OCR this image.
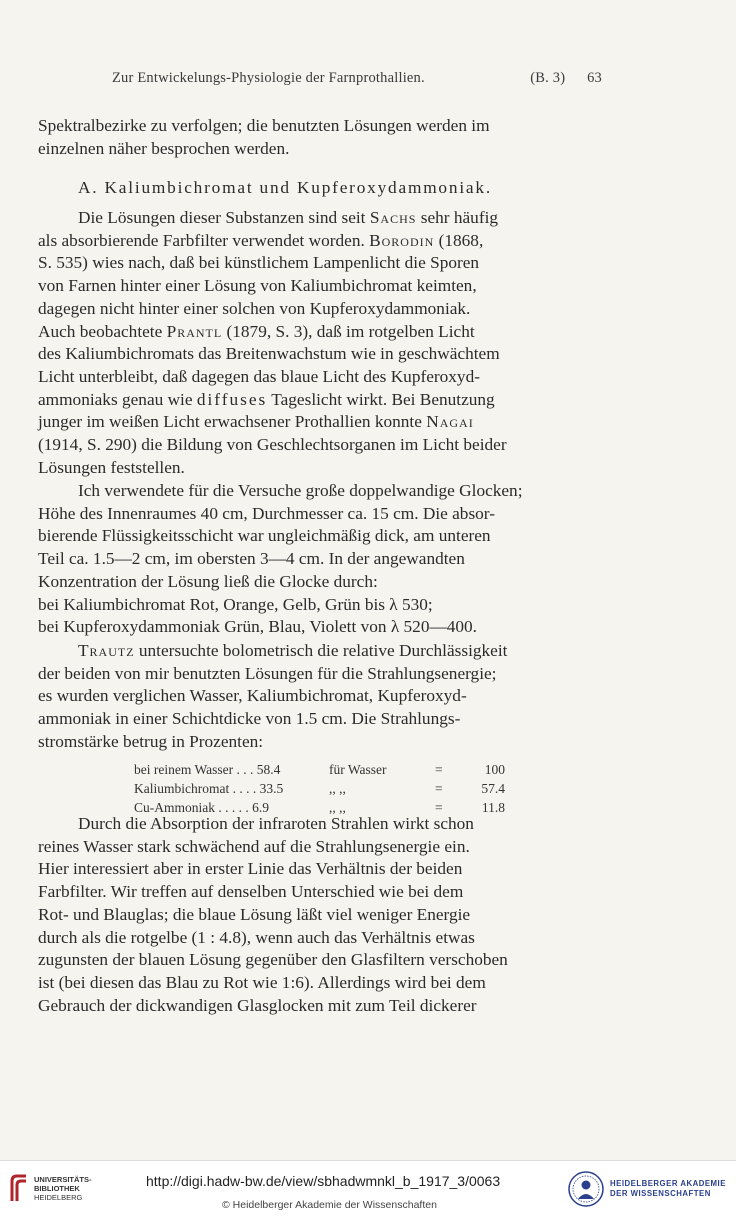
Zur Entwickelungs-Physiologie der Farnprothallien.	(B. 3) 63
Spektralbezirke zu verfolgen; die benutzten Lösungen werden im
einzelnen näher besprochen werden.
A. Kaliumbichromat und Kupferoxydammoniak.
Die Lösungen dieser Substanzen sind seit Sachs sehr häufig
als absorbierende Farbfilter verwendet worden. Borodin (1868,
S. 535) wies nach, daß bei künstlichem Lampenlicht die Sporen
von Farnen hinter einer Lösung von Kaliumbichromat keimten,
dagegen nicht hinter einer solchen von Kupferoxydammoniak.
Auch beobachtete Prantl (1879, S. 3), daß im rotgelben Licht
des Kaliumbichromats das Breitenwachstum wie in geschwächtem
Licht unterbleibt, daß dagegen das blaue Licht des Kupferoxyd-
ammoniaks genau wie diffuses Tageslicht wirkt. Bei Benutzung
junger im weißen Licht erwachsener Prothallien konnte Nagai
(1914, S. 290) die Bildung von Geschlechtsorganen im Licht beider
Lösungen feststellen.
Ich verwendete für die Versuche große doppelwandige Glocken;
Höhe des Innenraumes 40 cm, Durchmesser ca. 15 cm. Die absor-
bierende Flüssigkeitsschicht war ungleichmäßig dick, am unteren
Teil ca. 1.5—2 cm, im obersten 3—4 cm. In der angewandten
Konzentration der Lösung ließ die Glocke durch:
bei Kaliumbichromat Rot, Orange, Gelb, Grün bis λ 530;
bei Kupferoxydammoniak Grün, Blau, Violett von λ 520—400.
Trautz untersuchte bolometrisch die relative Durchlässigkeit
der beiden von mir benutzten Lösungen für die Strahlungsenergie;
es wurden verglichen Wasser, Kaliumbichromat, Kupferoxyd-
ammoniak in einer Schichtdicke von 1.5 cm. Die Strahlungs-
stromstärke betrug in Prozenten:
bei reinem Wasser . . . 58.4	für Wasser	=	100
Kaliumbichromat . . . . 33.5	,, ,,	=	57.4
Cu-Ammoniak . . . . . 6.9	,, ,,	=	11.8
Durch die Absorption der infraroten Strahlen wirkt schon
reines Wasser stark schwächend auf die Strahlungsenergie ein.
Hier interessiert aber in erster Linie das Verhältnis der beiden
Farbfilter. Wir treffen auf denselben Unterschied wie bei dem
Rot- und Blauglas; die blaue Lösung läßt viel weniger Energie
durch als die rotgelbe (1 : 4.8), wenn auch das Verhältnis etwas
zugunsten der blauen Lösung gegenüber den Glasfiltern verschoben
ist (bei diesen das Blau zu Rot wie 1:6). Allerdings wird bei dem
Gebrauch der dickwandigen Glasglocken mit zum Teil dickerer
UNIVERSITÄTS-
BIBLIOTHEK
HEIDELBERG
http://digi.hadw-bw.de/view/sbhadwmnkl_b_1917_3/0063
© Heidelberger Akademie der Wissenschaften
HEIDELBERGER AKADEMIE
DER WISSENSCHAFTEN
